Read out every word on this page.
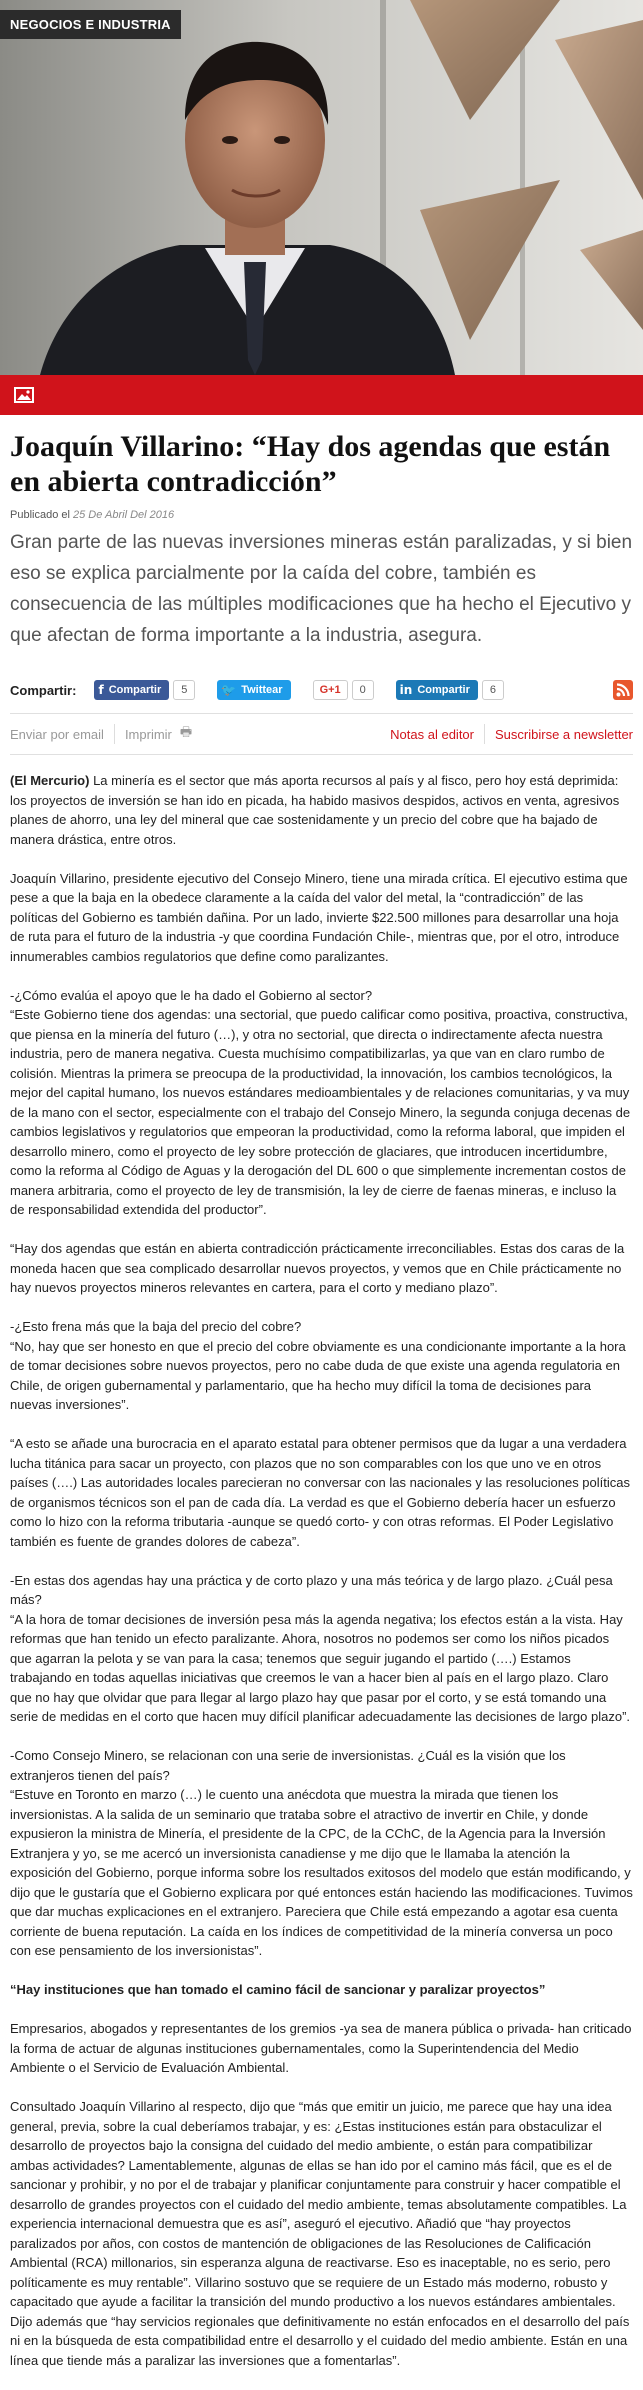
NEGOCIOS E INDUSTRIA
Joaquín Villarino: “Hay dos agendas que están en abierta contradicción”
Publicado el 25 De Abril Del 2016

Gran parte de las nuevas inversiones mineras están paralizadas, y si bien eso se explica parcialmente por la caída del cobre, también es consecuencia de las múltiples modificaciones que ha hecho el Ejecutivo y que afectan de forma importante a la industria, asegura.

Compartir: f Compartir	5	🐦 Twittear	G+1	0	in Compartir	6
Enviar por email Imprimir 🖶	Notas al editor Suscribirse a newsletter

(El Mercurio) La minería es el sector que más aporta recursos al país y al fisco, pero hoy está deprimida: los proyectos de inversión se han ido en picada, ha habido masivos despidos, activos en venta, agresivos planes de ahorro, una ley del mineral que cae sostenidamente y un precio del cobre que ha bajado de manera drástica, entre otros.

Joaquín Villarino, presidente ejecutivo del Consejo Minero, tiene una mirada crítica. El ejecutivo estima que pese a que la baja en la obedece claramente a la caída del valor del metal, la “contradicción” de las políticas del Gobierno es también dañina. Por un lado, invierte $22.500 millones para desarrollar una hoja de ruta para el futuro de la industria -y que coordina Fundación Chile-, mientras que, por el otro, introduce innumerables cambios regulatorios que define como paralizantes.

-¿Cómo evalúa el apoyo que le ha dado el Gobierno al sector?
“Este Gobierno tiene dos agendas: una sectorial, que puedo calificar como positiva, proactiva, constructiva, que piensa en la minería del futuro (…), y otra no sectorial, que directa o indirectamente afecta nuestra industria, pero de manera negativa. Cuesta muchísimo compatibilizarlas, ya que van en claro rumbo de colisión. Mientras la primera se preocupa de la productividad, la innovación, los cambios tecnológicos, la mejor del capital humano, los nuevos estándares medioambientales y de relaciones comunitarias, y va muy de la mano con el sector, especialmente con el trabajo del Consejo Minero, la segunda conjuga decenas de cambios legislativos y regulatorios que empeoran la productividad, como la reforma laboral, que impiden el desarrollo minero, como el proyecto de ley sobre protección de glaciares, que introducen incertidumbre, como la reforma al Código de Aguas y la derogación del DL 600 o que simplemente incrementan costos de manera arbitraria, como el proyecto de ley de transmisión, la ley de cierre de faenas mineras, e incluso la de responsabilidad extendida del productor”.

“Hay dos agendas que están en abierta contradicción prácticamente irreconciliables. Estas dos caras de la moneda hacen que sea complicado desarrollar nuevos proyectos, y vemos que en Chile prácticamente no hay nuevos proyectos mineros relevantes en cartera, para el corto y mediano plazo”.

-¿Esto frena más que la baja del precio del cobre?
“No, hay que ser honesto en que el precio del cobre obviamente es una condicionante importante a la hora de tomar decisiones sobre nuevos proyectos, pero no cabe duda de que existe una agenda regulatoria en Chile, de origen gubernamental y parlamentario, que ha hecho muy difícil la toma de decisiones para nuevas inversiones”.

“A esto se añade una burocracia en el aparato estatal para obtener permisos que da lugar a una verdadera lucha titánica para sacar un proyecto, con plazos que no son comparables con los que uno ve en otros países (….) Las autoridades locales parecieran no conversar con las nacionales y las resoluciones políticas de organismos técnicos son el pan de cada día. La verdad es que el Gobierno debería hacer un esfuerzo como lo hizo con la reforma tributaria -aunque se quedó corto- y con otras reformas. El Poder Legislativo también es fuente de grandes dolores de cabeza”.

-En estas dos agendas hay una práctica y de corto plazo y una más teórica y de largo plazo. ¿Cuál pesa más?
“A la hora de tomar decisiones de inversión pesa más la agenda negativa; los efectos están a la vista. Hay reformas que han tenido un efecto paralizante. Ahora, nosotros no podemos ser como los niños picados que agarran la pelota y se van para la casa; tenemos que seguir jugando el partido (….) Estamos trabajando en todas aquellas iniciativas que creemos le van a hacer bien al país en el largo plazo. Claro que no hay que olvidar que para llegar al largo plazo hay que pasar por el corto, y se está tomando una serie de medidas en el corto que hacen muy difícil planificar adecuadamente las decisiones de largo plazo”.

-Como Consejo Minero, se relacionan con una serie de inversionistas. ¿Cuál es la visión que los extranjeros tienen del país?
“Estuve en Toronto en marzo (…) le cuento una anécdota que muestra la mirada que tienen los inversionistas. A la salida de un seminario que trataba sobre el atractivo de invertir en Chile, y donde expusieron la ministra de Minería, el presidente de la CPC, de la CChC, de la Agencia para la Inversión Extranjera y yo, se me acercó un inversionista canadiense y me dijo que le llamaba la atención la exposición del Gobierno, porque informa sobre los resultados exitosos del modelo que están modificando, y dijo que le gustaría que el Gobierno explicara por qué entonces están haciendo las modificaciones. Tuvimos que dar muchas explicaciones en el extranjero. Pareciera que Chile está empezando a agotar esa cuenta corriente de buena reputación. La caída en los índices de competitividad de la minería conversa un poco con ese pensamiento de los inversionistas”.

“Hay instituciones que han tomado el camino fácil de sancionar y paralizar proyectos”

Empresarios, abogados y representantes de los gremios -ya sea de manera pública o privada- han criticado la forma de actuar de algunas instituciones gubernamentales, como la Superintendencia del Medio Ambiente o el Servicio de Evaluación Ambiental.

Consultado Joaquín Villarino al respecto, dijo que “más que emitir un juicio, me parece que hay una idea general, previa, sobre la cual deberíamos trabajar, y es: ¿Estas instituciones están para obstaculizar el desarrollo de proyectos bajo la consigna del cuidado del medio ambiente, o están para compatibilizar ambas actividades? Lamentablemente, algunas de ellas se han ido por el camino más fácil, que es el de sancionar y prohibir, y no por el de trabajar y planificar conjuntamente para construir y hacer compatible el desarrollo de grandes proyectos con el cuidado del medio ambiente, temas absolutamente compatibles. La experiencia internacional demuestra que es así”, aseguró el ejecutivo. Añadió que “hay proyectos paralizados por años, con costos de mantención de obligaciones de las Resoluciones de Calificación Ambiental (RCA) millonarios, sin esperanza alguna de reactivarse. Eso es inaceptable, no es serio, pero políticamente es muy rentable”. Villarino sostuvo que se requiere de un Estado más moderno, robusto y capacitado que ayude a facilitar la transición del mundo productivo a los nuevos estándares ambientales. Dijo además que “hay servicios regionales que definitivamente no están enfocados en el desarrollo del país ni en la búsqueda de esta compatibilidad entre el desarrollo y el cuidado del medio ambiente. Están en una línea que tiende más a paralizar las inversiones que a fomentarlas”.
